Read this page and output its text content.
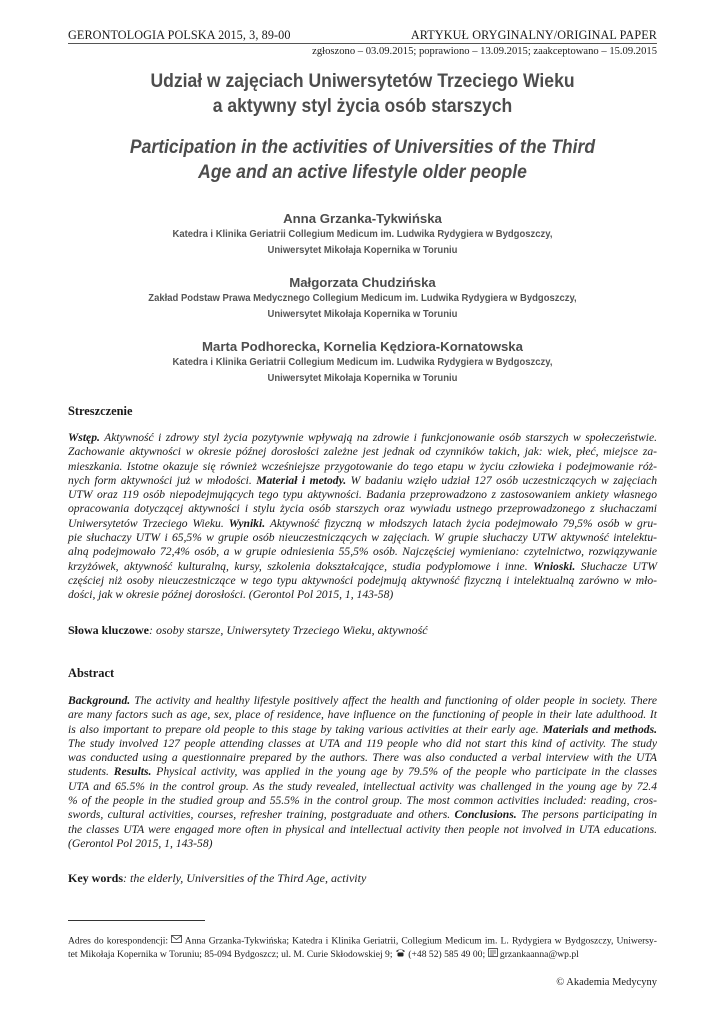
GERONTOLOGIA POLSKA 2015, 3, 89-00	ARTYKUŁ ORYGINALNY/ORIGINAL PAPER
zgłoszono – 03.09.2015; poprawiono – 13.09.2015; zaakceptowano – 15.09.2015
Udział w zajęciach Uniwersytetów Trzeciego Wieku
a aktywny styl życia osób starszych
Participation in the activities of Universities of the Third
Age and an active lifestyle older people
Anna Grzanka-Tykwińska
Katedra i Klinika Geriatrii Collegium Medicum im. Ludwika Rydygiera w Bydgoszczy,
Uniwersytet Mikołaja Kopernika w Toruniu
Małgorzata Chudzińska
Zakład Podstaw Prawa Medycznego Collegium Medicum im. Ludwika Rydygiera w Bydgoszczy,
Uniwersytet Mikołaja Kopernika w Toruniu
Marta Podhorecka, Kornelia Kędziora-Kornatowska
Katedra i Klinika Geriatrii Collegium Medicum im. Ludwika Rydygiera w Bydgoszczy,
Uniwersytet Mikołaja Kopernika w Toruniu
Streszczenie
Wstęp. Aktywność i zdrowy styl życia pozytywnie wpływają na zdrowie i funkcjonowanie osób starszych w społeczeństwie.
Zachowanie aktywności w okresie późnej dorosłości zależne jest jednak od czynników takich, jak: wiek, płeć, miejsce za-
mieszkania. Istotne okazuje się również wcześniejsze przygotowanie do tego etapu w życiu człowieka i podejmowanie róż-
nych form aktywności już w młodości. Materiał i metody. W badaniu wzięło udział 127 osób uczestniczących w zajęciach
UTW oraz 119 osób niepodejmujących tego typu aktywności. Badania przeprowadzono z zastosowaniem ankiety własnego
opracowania dotyczącej aktywności i stylu życia osób starszych oraz wywiadu ustnego przeprowadzonego z słuchaczami
Uniwersytetów Trzeciego Wieku. Wyniki. Aktywność fizyczną w młodszych latach życia podejmowało 79,5% osób w gru-
pie słuchaczy UTW i 65,5% w grupie osób nieuczestniczących w zajęciach. W grupie słuchaczy UTW aktywność intelektu-
alną podejmowało 72,4% osób, a w grupie odniesienia 55,5% osób. Najczęściej wymieniano: czytelnictwo, rozwiązywanie
krzyżówek, aktywność kulturalną, kursy, szkolenia dokształcające, studia podyplomowe i inne. Wnioski. Słuchacze UTW
częściej niż osoby nieuczestniczące w tego typu aktywności podejmują aktywność fizyczną i intelektualną zarówno w mło-
dości, jak w okresie późnej dorosłości. (Gerontol Pol 2015, 1, 143-58)
Słowa kluczowe: osoby starsze, Uniwersytety Trzeciego Wieku, aktywność
Abstract
Background. The activity and healthy lifestyle positively affect the health and functioning of older people in society. There
are many factors such as age, sex, place of residence, have influence on the functioning of people in their late adulthood. It
is also important to prepare old people to this stage by taking various activities at their early age. Materials and methods.
The study involved 127 people attending classes at UTA and 119 people who did not start this kind of activity. The study
was conducted using a questionnaire prepared by the authors. There was also conducted a verbal interview with the UTA
students. Results. Physical activity, was applied in the young age by 79.5% of the people who participate in the classes
UTA and 65.5% in the control group. As the study revealed, intellectual activity was challenged in the young age by 72.4
% of the people in the studied group and 55.5% in the control group. The most common activities included: reading, cros-
swords, cultural activities, courses, refresher training, postgraduate and others. Conclusions. The persons participating in
the classes UTA were engaged more often in physical and intellectual activity then people not involved in UTA educations.
(Gerontol Pol 2015, 1, 143-58)
Key words: the elderly, Universities of the Third Age, activity
Adres do korespondencji:  Anna Grzanka-Tykwińska; Katedra i Klinika Geriatrii, Collegium Medicum im. L. Rydygiera w Bydgoszczy, Uniwersy-
tet Mikołaja Kopernika w Toruniu; 85-094 Bydgoszcz; ul. M. Curie Skłodowskiej 9;  (+48 52) 585 49 00;  grzankaanna@wp.pl
© Akademia Medycyny
